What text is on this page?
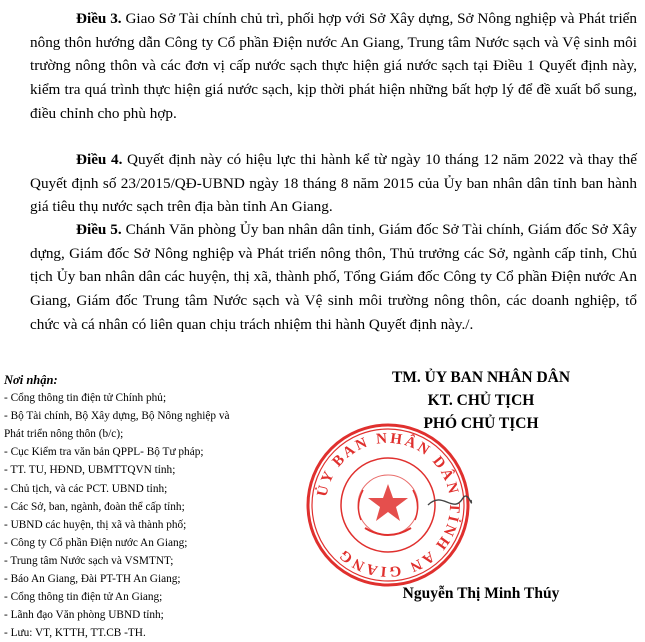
Điều 3. Giao Sở Tài chính chủ trì, phối hợp với Sở Xây dựng, Sở Nông nghiệp và Phát triển nông thôn hướng dẫn Công ty Cổ phần Điện nước An Giang, Trung tâm Nước sạch và Vệ sinh môi trường nông thôn và các đơn vị cấp nước sạch thực hiện giá nước sạch tại Điều 1 Quyết định này, kiểm tra quá trình thực hiện giá nước sạch, kịp thời phát hiện những bất hợp lý để đề xuất bổ sung, điều chỉnh cho phù hợp.

Điều 4. Quyết định này có hiệu lực thi hành kể từ ngày 10 tháng 12 năm 2022 và thay thế Quyết định số 23/2015/QĐ-UBND ngày 18 tháng 8 năm 2015 của Ủy ban nhân dân tỉnh ban hành giá tiêu thụ nước sạch trên địa bàn tỉnh An Giang.

Điều 5. Chánh Văn phòng Ủy ban nhân dân tỉnh, Giám đốc Sở Tài chính, Giám đốc Sở Xây dựng, Giám đốc Sở Nông nghiệp và Phát triển nông thôn, Thủ trưởng các Sở, ngành cấp tỉnh, Chủ tịch Ủy ban nhân dân các huyện, thị xã, thành phố, Tổng Giám đốc Công ty Cổ phần Điện nước An Giang, Giám đốc Trung tâm Nước sạch và Vệ sinh môi trường nông thôn, các doanh nghiệp, tổ chức và cá nhân có liên quan chịu trách nhiệm thi hành Quyết định này./.

Nơi nhận:
- Cổng thông tin điện tử Chính phủ;
- Bộ Tài chính, Bộ Xây dựng, Bộ Nông nghiệp và
Phát triển nông thôn (b/c);
- Cục Kiểm tra văn bản QPPL- Bộ Tư pháp;
- TT. TU, HĐND, UBMTTQVN tỉnh;
- Chủ tịch, và các PCT. UBND tỉnh;
- Các Sở, ban, ngành, đoàn thể cấp tỉnh;
- UBND các huyện, thị xã và thành phố;
- Công ty Cổ phần Điện nước An Giang;
- Trung tâm Nước sạch và VSMTNT;
- Báo An Giang, Đài PT-TH An Giang;
- Cổng thông tin điện tử An Giang;
- Lãnh đạo Văn phòng UBND tỉnh;
- Lưu: VT, KTTH, TT.CB -TH.
TM. ỦY BAN NHÂN DÂN
KT. CHỦ TỊCH
PHÓ CHỦ TỊCH
ỦY BAN NHÂN DÂN TỈNH AN GIANG
Nguyễn Thị Minh Thúy
